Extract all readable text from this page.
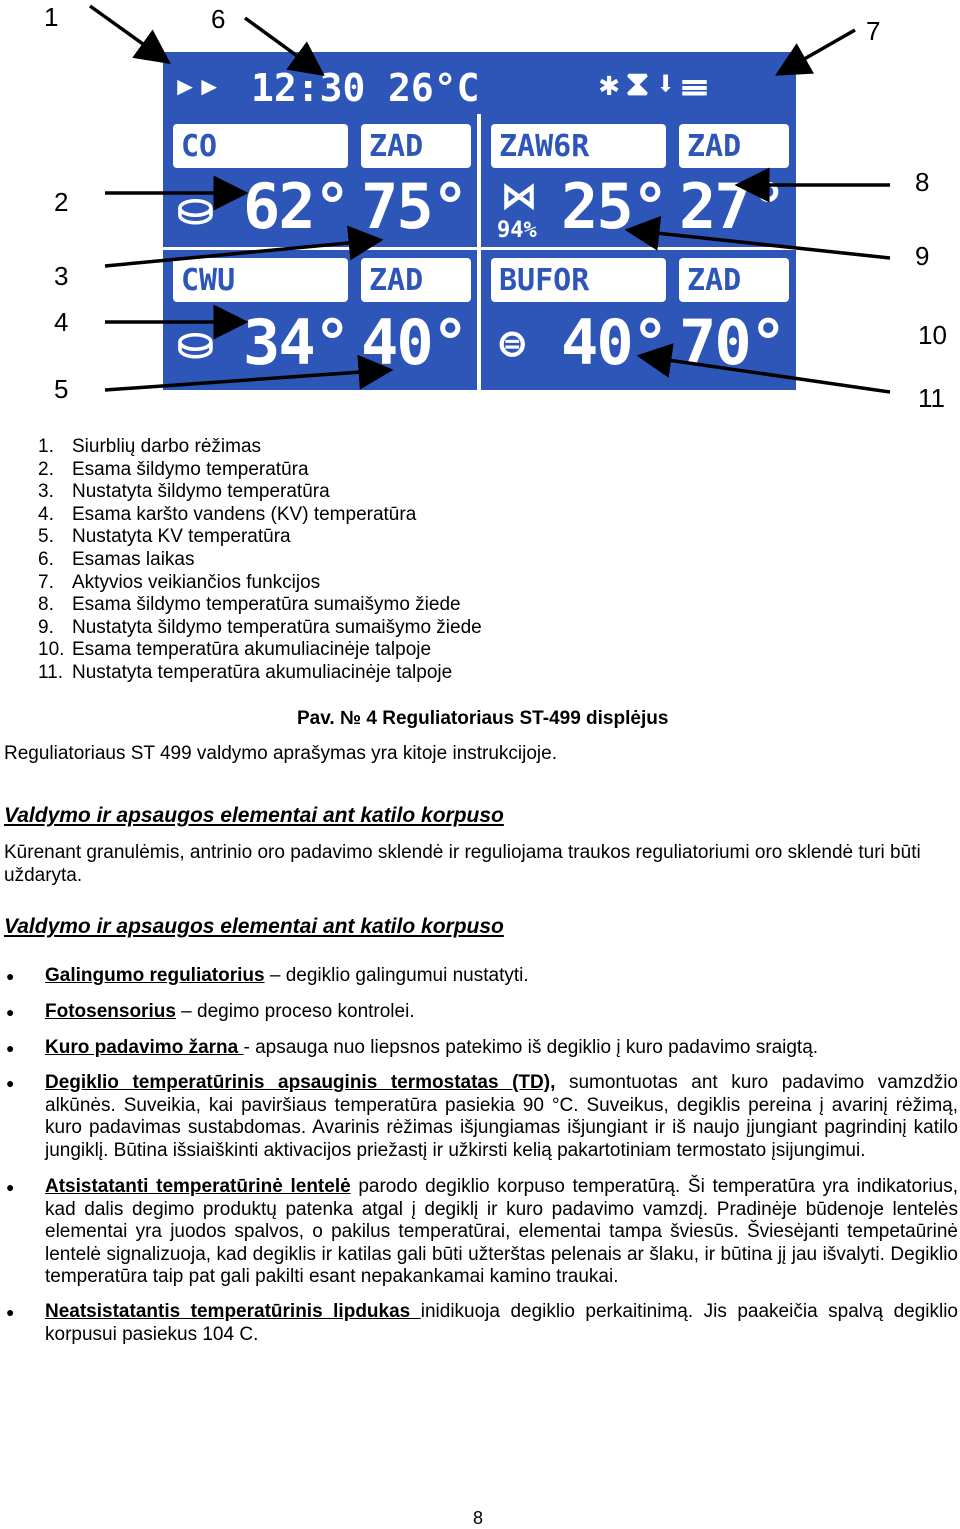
1	6	7
2
8
3
9
4	10
5	11
▸▸ 12:30 26°C	✱⧗⬇☰
CO	ZAD
⛀ 62° 75°
ZAW6R	ZAD
⋈
94% 25° 27°
CWU	ZAD
⛀ 34° 40°
BUFOR	ZAD
⊜ 40° 70°
1. Siurblių darbo rėžimas
2. Esama šildymo temperatūra
3. Nustatyta šildymo temperatūra
4. Esama karšto vandens (KV) temperatūra
5. Nustatyta KV temperatūra
6. Esamas laikas
7. Aktyvios veikiančios funkcijos
8. Esama šildymo temperatūra sumaišymo žiede
9. Nustatyta šildymo temperatūra sumaišymo žiede
10. Esama temperatūra akumuliacinėje talpoje
11. Nustatyta temperatūra akumuliacinėje talpoje
Pav. № 4 Reguliatoriaus ST-499 displėjus
Reguliatoriaus ST 499 valdymo aprašymas yra kitoje instrukcijoje.
Valdymo ir apsaugos elementai ant katilo korpuso
Kūrenant granulėmis, antrinio oro padavimo sklendė ir reguliojama traukos reguliatoriumi oro sklendė turi būti uždaryta.
Valdymo ir apsaugos elementai ant katilo korpuso
● Galingumo reguliatorius – degiklio galingumui nustatyti.
● Fotosensorius – degimo proceso kontrolei.
● Kuro padavimo žarna - apsauga nuo liepsnos patekimo iš degiklio į kuro padavimo sraigtą.
● Degiklio temperatūrinis apsauginis termostatas (TD), sumontuotas ant kuro padavimo vamzdžio alkūnės. Suveikia, kai paviršiaus temperatūra pasiekia 90 °C. Suveikus, degiklis pereina į avarinį rėžimą, kuro padavimas sustabdomas. Avarinis rėžimas išjungiamas išjungiant ir iš naujo įjungiant pagrindinį katilo jungiklį. Būtina išsiaiškinti aktivacijos priežastį ir užkirsti kelią pakartotiniam termostato įsijungimui.
● Atsistatanti temperatūrinė lentelė parodo degiklio korpuso temperatūrą. Ši temperatūra yra indikatorius, kad dalis degimo produktų patenka atgal į degiklį ir kuro padavimo vamzdį. Pradinėje būdenoje lentelės elementai yra juodos spalvos, o pakilus temperatūrai, elementai tampa šviesūs. Šviesėjanti tempetaūrinė lentelė signalizuoja, kad degiklis ir katilas gali būti užterštas pelenais ar šlaku, ir būtina jį jau išvalyti. Degiklio temperatūra taip pat gali pakilti esant nepakankamai kamino traukai.
● Neatsistatantis temperatūrinis lipdukas inidikuoja degiklio perkaitinimą. Jis paakeičia spalvą degiklio korpusui pasiekus 104 C.
8
